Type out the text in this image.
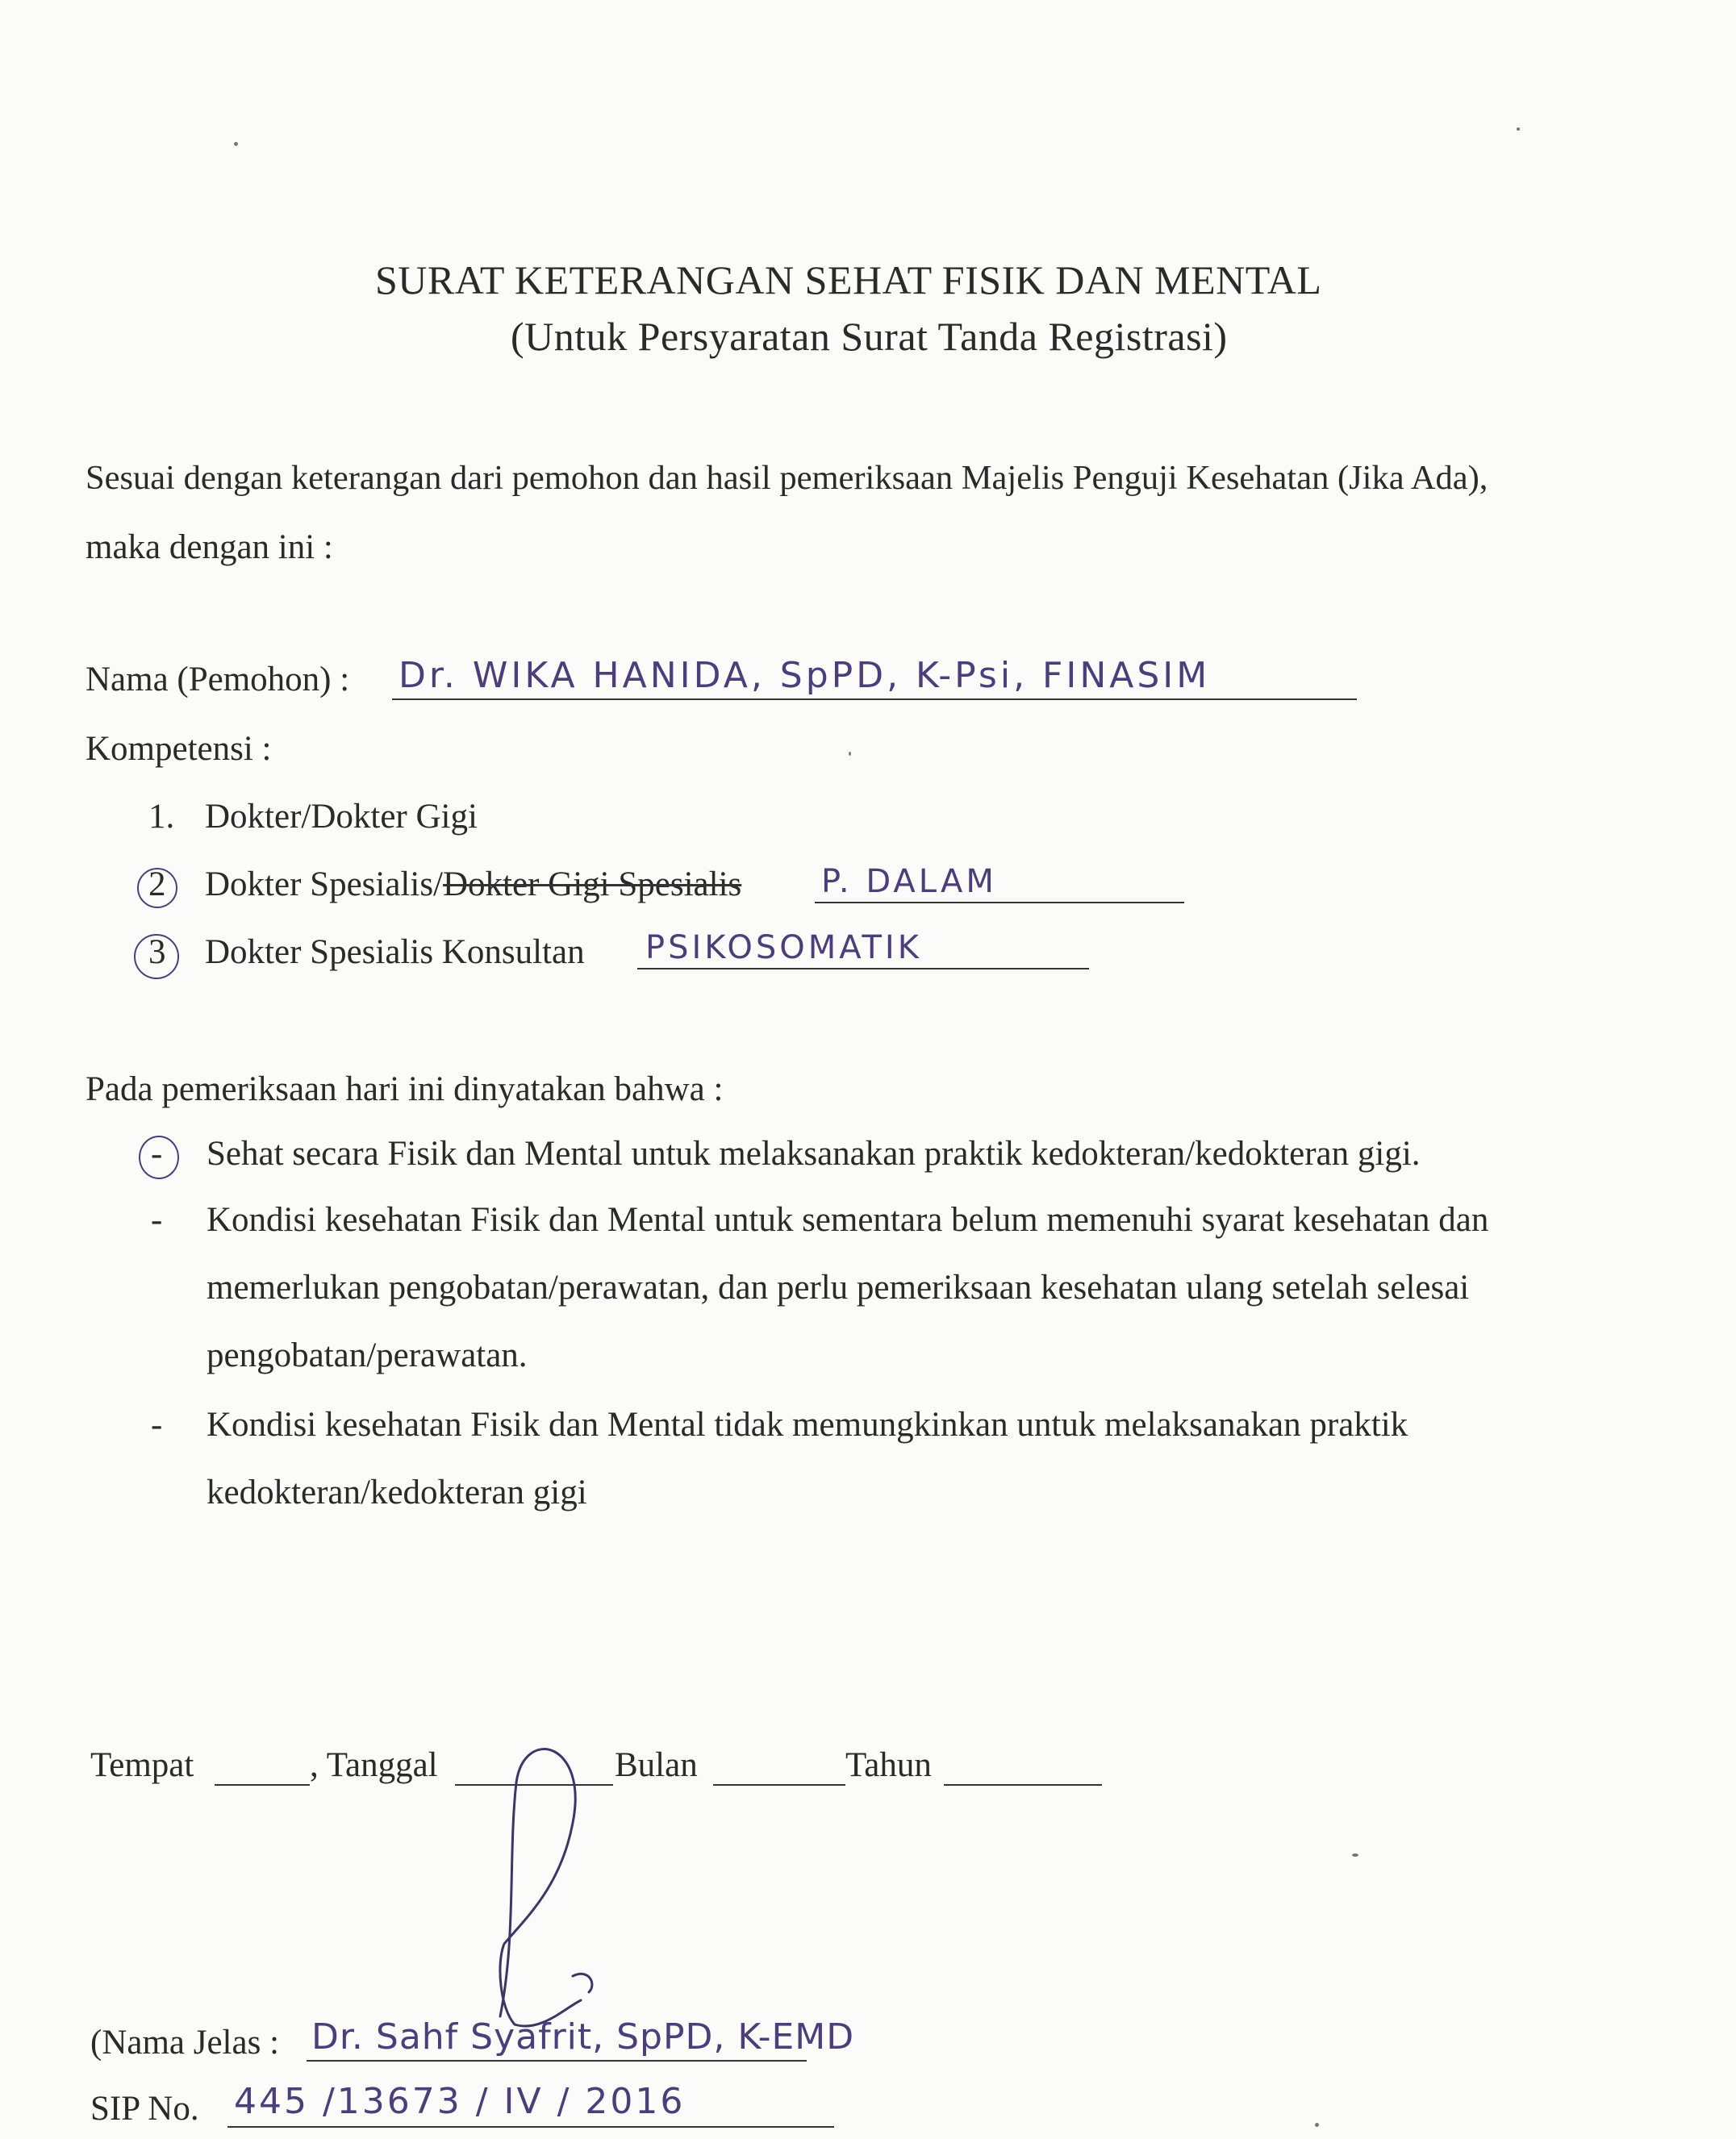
SURAT KETERANGAN SEHAT FISIK DAN MENTAL
(Untuk Persyaratan Surat Tanda Registrasi)
Sesuai dengan keterangan dari pemohon dan hasil pemeriksaan Majelis Penguji Kesehatan (Jika Ada),
maka dengan ini :
Nama (Pemohon) : Dr. WIKA HANIDA, SpPD, K-Psi, FINASIM
Kompetensi :
1. Dokter/Dokter Gigi
2 Dokter Spesialis/Dokter Gigi Spesialis P. DALAM
3 Dokter Spesialis Konsultan PSIKOSOMATIK
Pada pemeriksaan hari ini dinyatakan bahwa :
- Sehat secara Fisik dan Mental untuk melaksanakan praktik kedokteran/kedokteran gigi.
- Kondisi kesehatan Fisik dan Mental untuk sementara belum memenuhi syarat kesehatan dan
memerlukan pengobatan/perawatan, dan perlu pemeriksaan kesehatan ulang setelah selesai
pengobatan/perawatan.
- Kondisi kesehatan Fisik dan Mental tidak memungkinkan untuk melaksanakan praktik
kedokteran/kedokteran gigi
Tempat	, Tanggal	Bulan	Tahun
(Nama Jelas : Dr. Sahf Syafrit, SpPD, K-EMD
SIP No. 445 /13673 / IV / 2016
